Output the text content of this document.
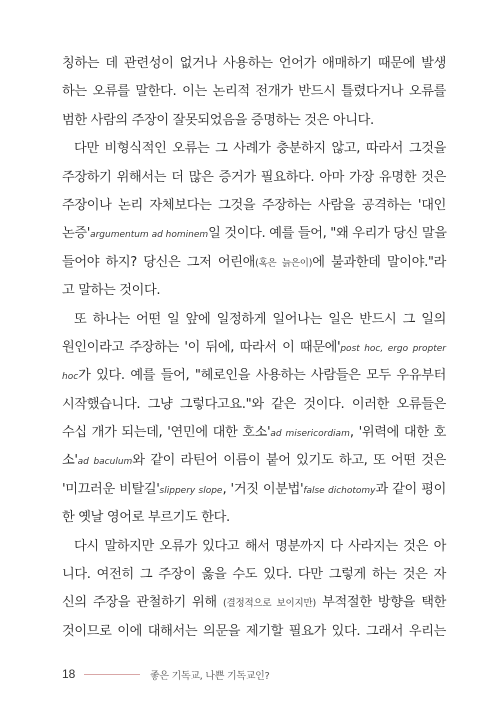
칭하는 데 관련성이 없거나 사용하는 언어가 애매하기 때문에 발생
하는 오류를 말한다. 이는 논리적 전개가 반드시 틀렸다거나 오류를
범한 사람의 주장이 잘못되었음을 증명하는 것은 아니다.
다만 비형식적인 오류는 그 사례가 충분하지 않고, 따라서 그것을
주장하기 위해서는 더 많은 증거가 필요하다. 아마 가장 유명한 것은
주장이나 논리 자체보다는 그것을 주장하는 사람을 공격하는 '대인
논증'argumentum ad hominem일 것이다. 예를 들어, "왜 우리가 당신 말을
들어야 하지? 당신은 그저 어린애(혹은 늙은이)에 불과한데 말이야."라
고 말하는 것이다.
또 하나는 어떤 일 앞에 일정하게 일어나는 일은 반드시 그 일의
원인이라고 주장하는 '이 뒤에, 따라서 이 때문에'post hoc, ergo propter
hoc가 있다. 예를 들어, "헤로인을 사용하는 사람들은 모두 우유부터
시작했습니다. 그냥 그렇다고요."와 같은 것이다. 이러한 오류들은
수십 개가 되는데, '연민에 대한 호소'ad misericordiam, '위력에 대한 호
소'ad baculum와 같이 라틴어 이름이 붙어 있기도 하고, 또 어떤 것은
'미끄러운 비탈길'slippery slope, '거짓 이분법'false dichotomy과 같이 평이
한 옛날 영어로 부르기도 한다.
다시 말하지만 오류가 있다고 해서 명분까지 다 사라지는 것은 아
니다. 여전히 그 주장이 옳을 수도 있다. 다만 그렇게 하는 것은 자
신의 주장을 관철하기 위해 (결정적으로 보이지만) 부적절한 방향을 택한
것이므로 이에 대해서는 의문을 제기할 필요가 있다. 그래서 우리는
18	좋은 기독교, 나쁜 기독교인?
